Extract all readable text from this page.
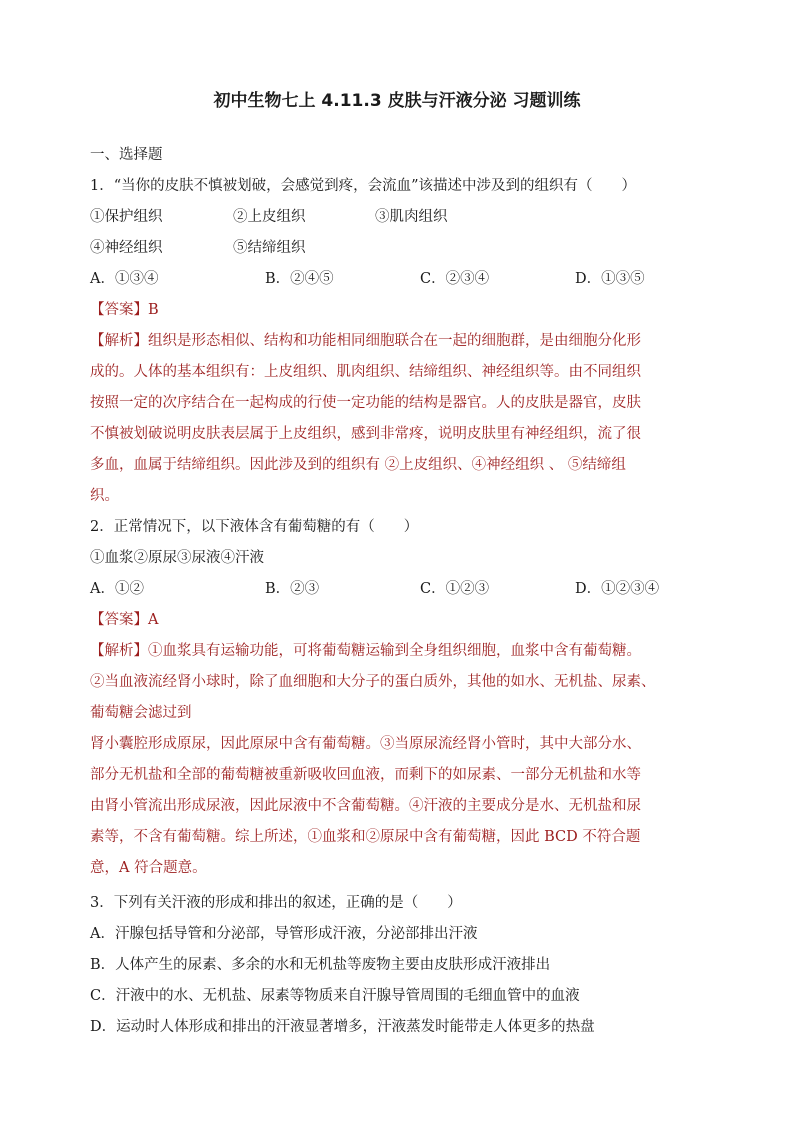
初中生物七上 4.11.3 皮肤与汗液分泌 习题训练
一、选择题
1．“当你的皮肤不慎被划破，会感觉到疼，会流血”该描述中涉及到的组织有（　　）
①保护组织	②上皮组织	③肌肉组织
④神经组织	⑤结缔组织
A．①③④	B．②④⑤	C．②③④	D．①③⑤
【答案】B
【解析】组织是形态相似、结构和功能相同细胞联合在一起的细胞群，是由细胞分化形
成的。人体的基本组织有：上皮组织、肌肉组织、结缔组织、神经组织等。由不同组织
按照一定的次序结合在一起构成的行使一定功能的结构是器官。人的皮肤是器官，皮肤
不慎被划破说明皮肤表层属于上皮组织，感到非常疼，说明皮肤里有神经组织，流了很
多血，血属于结缔组织。因此涉及到的组织有 ②上皮组织、④神经组织 、 ⑤结缔组
织。
2．正常情况下，以下液体含有葡萄糖的有（　　）
①血浆②原尿③尿液④汗液
A．①②	B．②③	C．①②③	D．①②③④
【答案】A
【解析】①血浆具有运输功能，可将葡萄糖运输到全身组织细胞，血浆中含有葡萄糖。
②当血液流经肾小球时，除了血细胞和大分子的蛋白质外，其他的如水、无机盐、尿素、
葡萄糖会滤过到
肾小囊腔形成原尿，因此原尿中含有葡萄糖。③当原尿流经肾小管时，其中大部分水、
部分无机盐和全部的葡萄糖被重新吸收回血液，而剩下的如尿素、一部分无机盐和水等
由肾小管流出形成尿液，因此尿液中不含葡萄糖。④汗液的主要成分是水、无机盐和尿
素等，不含有葡萄糖。综上所述，①血浆和②原尿中含有葡萄糖，因此 BCD 不符合题
意，A 符合题意。
3．下列有关汗液的形成和排出的叙述，正确的是（　　）
A．汗腺包括导管和分泌部，导管形成汗液，分泌部排出汗液
B．人体产生的尿素、多余的水和无机盐等废物主要由皮肤形成汗液排出
C．汗液中的水、无机盐、尿素等物质来自汗腺导管周围的毛细血管中的血液
D．运动时人体形成和排出的汗液显著增多，汗液蒸发时能带走人体更多的热盘
